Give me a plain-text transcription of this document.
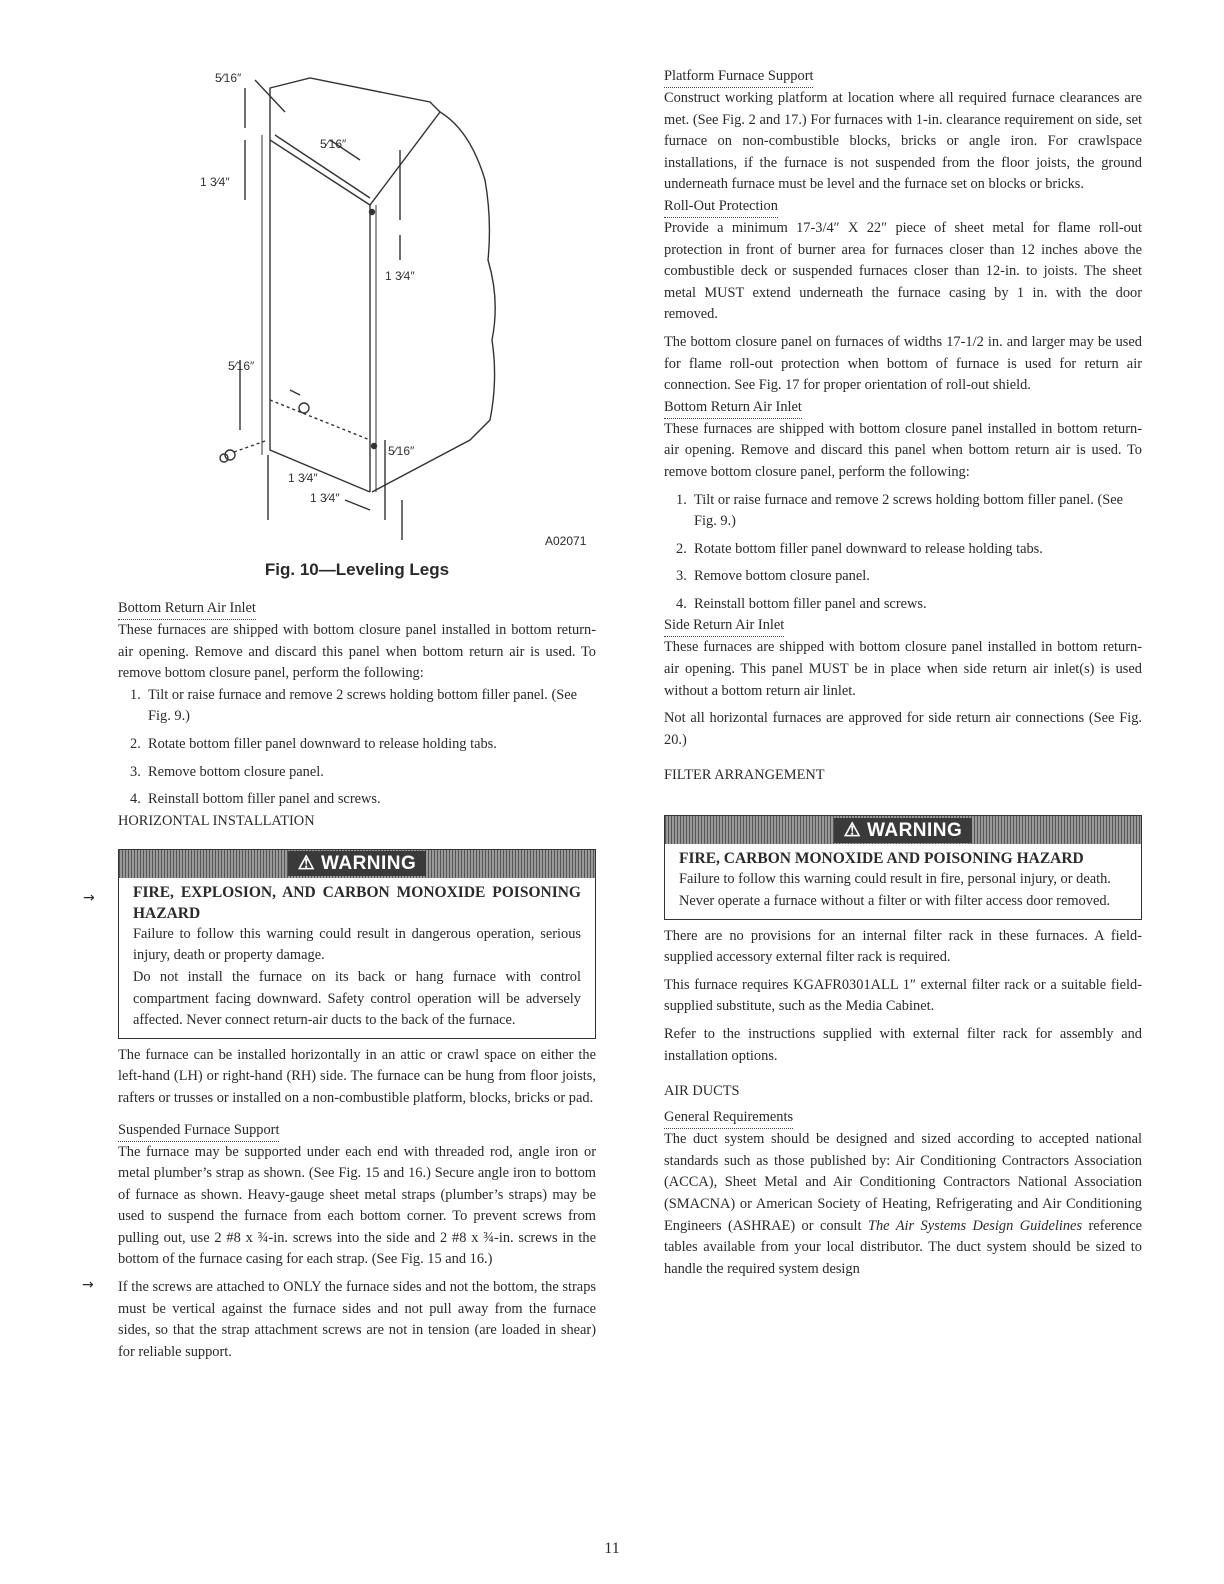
5⁄16″
1 3⁄4″
5⁄16″
1 3⁄4″
5⁄16″
5⁄16″
1 3⁄4″
1 3⁄4″
A02071
Fig. 10—Leveling Legs
Bottom Return Air Inlet

These furnaces are shipped with bottom closure panel installed in bottom return-air opening. Remove and discard this panel when bottom return air is used. To remove bottom closure panel, perform the following:

1. Tilt or raise furnace and remove 2 screws holding bottom filler panel. (See Fig. 9.)
2. Rotate bottom filler panel downward to release holding tabs.
3. Remove bottom closure panel.
4. Reinstall bottom filler panel and screws.

HORIZONTAL INSTALLATION

→
⚠ WARNING

FIRE, EXPLOSION, AND CARBON MONOXIDE POISONING HAZARD

Failure to follow this warning could result in dangerous operation, serious injury, death or property damage.

Do not install the furnace on its back or hang furnace with control compartment facing downward. Safety control operation will be adversely affected. Never connect return-air ducts to the back of the furnace.

The furnace can be installed horizontally in an attic or crawl space on either the left-hand (LH) or right-hand (RH) side. The furnace can be hung from floor joists, rafters or trusses or installed on a non-combustible platform, blocks, bricks or pad.

Suspended Furnace Support

The furnace may be supported under each end with threaded rod, angle iron or metal plumber’s strap as shown. (See Fig. 15 and 16.) Secure angle iron to bottom of furnace as shown. Heavy-gauge sheet metal straps (plumber’s straps) may be used to suspend the furnace from each bottom corner. To prevent screws from pulling out, use 2 #8 x ¾-in. screws into the side and 2 #8 x ¾-in. screws in the bottom of the furnace casing for each strap. (See Fig. 15 and 16.)

→ If the screws are attached to ONLY the furnace sides and not the bottom, the straps must be vertical against the furnace sides and not pull away from the furnace sides, so that the strap attachment screws are not in tension (are loaded in shear) for reliable support.

Platform Furnace Support

Construct working platform at location where all required furnace clearances are met. (See Fig. 2 and 17.) For furnaces with 1-in. clearance requirement on side, set furnace on non-combustible blocks, bricks or angle iron. For crawlspace installations, if the furnace is not suspended from the floor joists, the ground underneath furnace must be level and the furnace set on blocks or bricks.

Roll-Out Protection

Provide a minimum 17-3/4″ X 22″ piece of sheet metal for flame roll-out protection in front of burner area for furnaces closer than 12 inches above the combustible deck or suspended furnaces closer than 12-in. to joists. The sheet metal MUST extend underneath the furnace casing by 1 in. with the door removed.

The bottom closure panel on furnaces of widths 17-1/2 in. and larger may be used for flame roll-out protection when bottom of furnace is used for return air connection. See Fig. 17 for proper orientation of roll-out shield.

Bottom Return Air Inlet

These furnaces are shipped with bottom closure panel installed in bottom return-air opening. Remove and discard this panel when bottom return air is used. To remove bottom closure panel, perform the following:

1. Tilt or raise furnace and remove 2 screws holding bottom filler panel. (See Fig. 9.)
2. Rotate bottom filler panel downward to release holding tabs.
3. Remove bottom closure panel.
4. Reinstall bottom filler panel and screws.
Side Return Air Inlet

These furnaces are shipped with bottom closure panel installed in bottom return-air opening. This panel MUST be in place when side return air inlet(s) is used without a bottom return air linlet.

Not all horizontal furnaces are approved for side return air connections (See Fig. 20.)

FILTER ARRANGEMENT

⚠ WARNING

FIRE, CARBON MONOXIDE AND POISONING HAZARD

Failure to follow this warning could result in fire, personal injury, or death.

Never operate a furnace without a filter or with filter access door removed.

There are no provisions for an internal filter rack in these furnaces. A field-supplied accessory external filter rack is required.

This furnace requires KGAFR0301ALL 1″ external filter rack or a suitable field-supplied substitute, such as the Media Cabinet.

Refer to the instructions supplied with external filter rack for assembly and installation options.

AIR DUCTS

General Requirements

The duct system should be designed and sized according to accepted national standards such as those published by: Air Conditioning Contractors Association (ACCA), Sheet Metal and Air Conditioning Contractors National Association (SMACNA) or American Society of Heating, Refrigerating and Air Conditioning Engineers (ASHRAE) or consult The Air Systems Design Guidelines reference tables available from your local distributor. The duct system should be sized to handle the required system design

11
